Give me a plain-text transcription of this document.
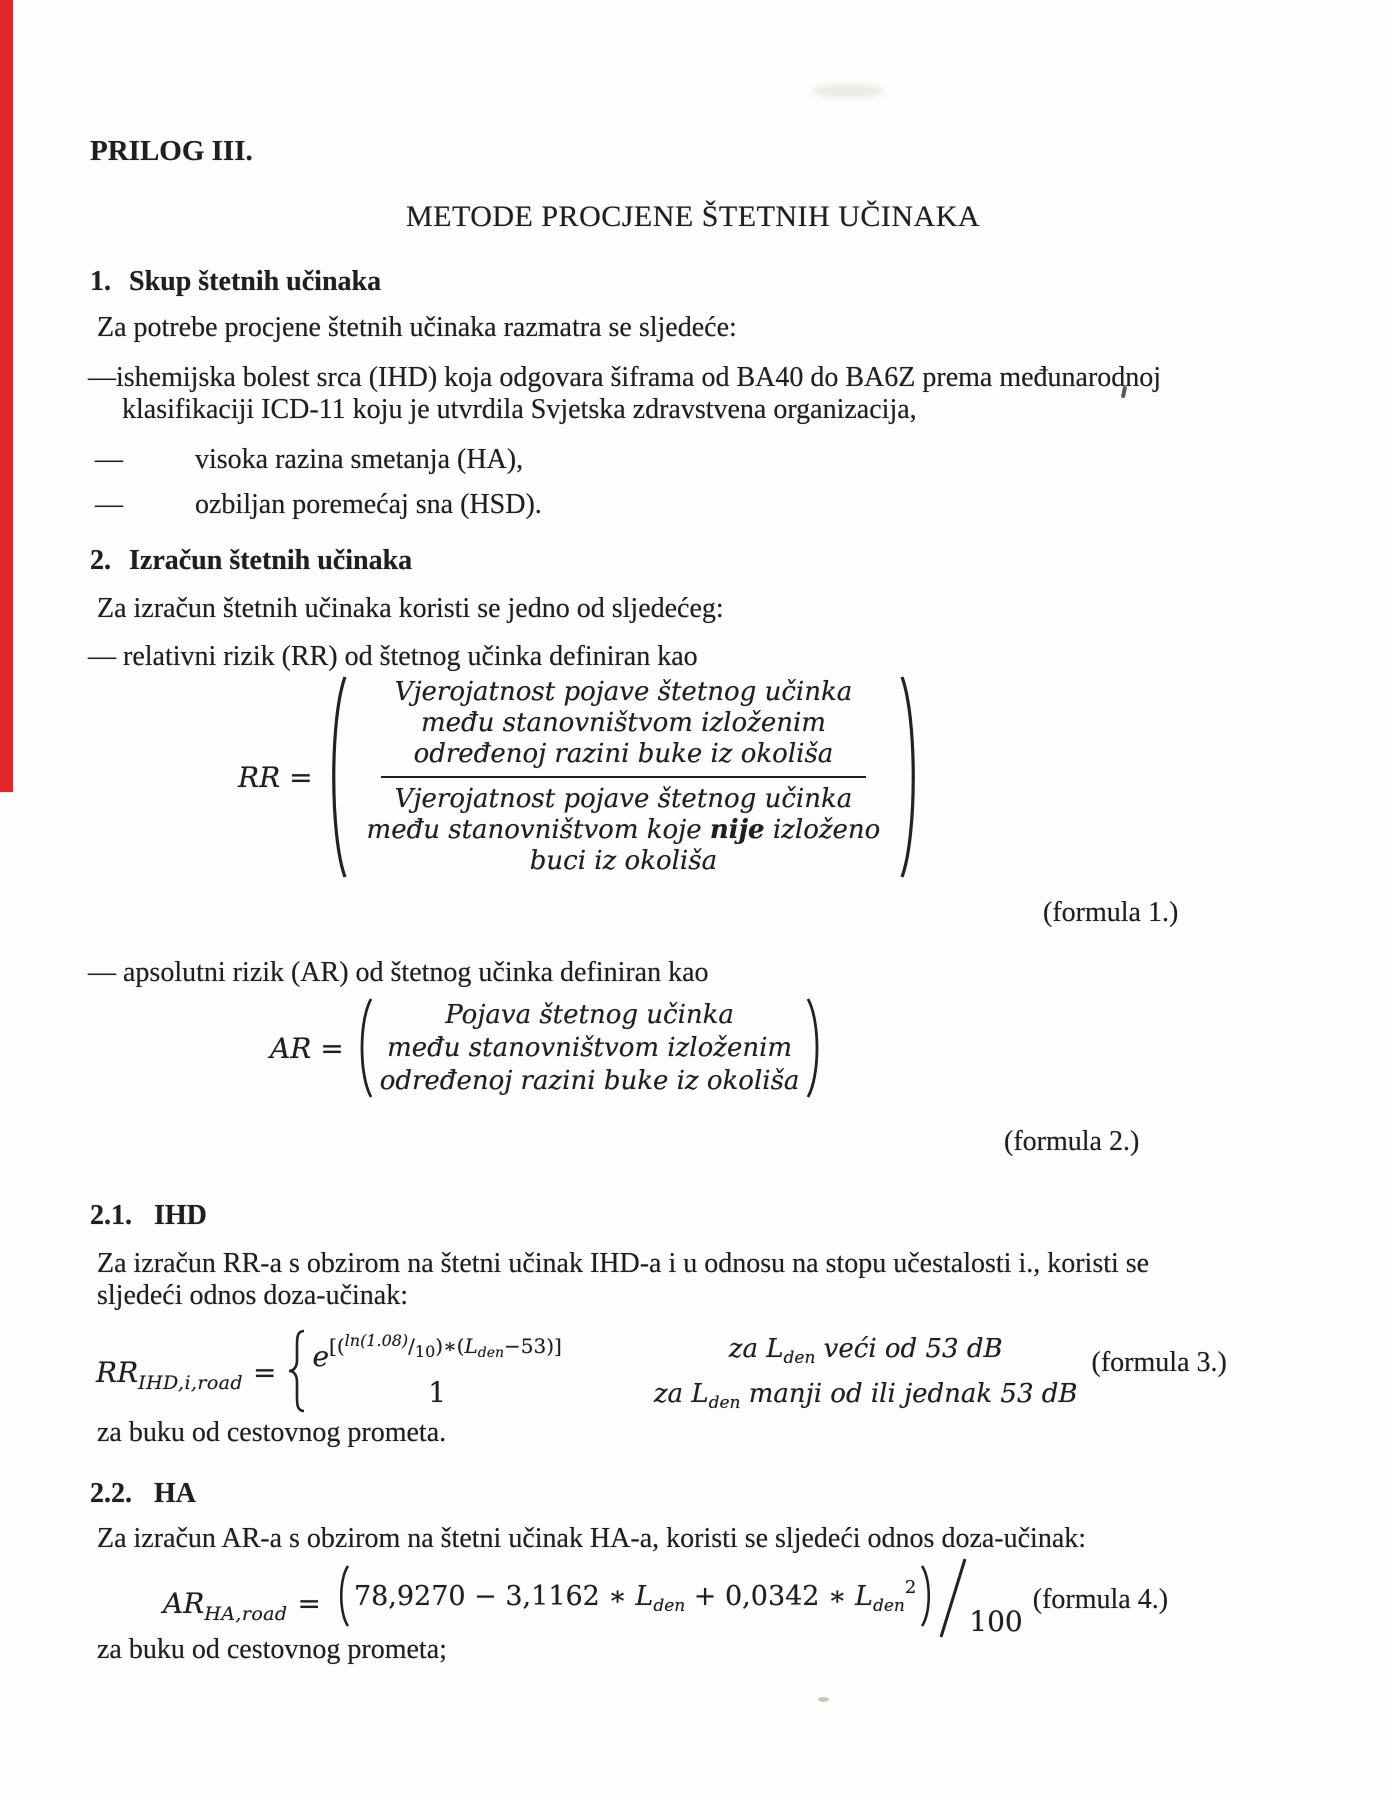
PRILOG III.
METODE PROCJENE ŠTETNIH UČINAKA
1. Skup štetnih učinaka
Za potrebe procjene štetnih učinaka razmatra se sljedeće:
—ishemijska bolest srca (IHD) koja odgovara šiframa od BA40 do BA6Z prema međunarodnoj
klasifikaciji ICD-11 koju je utvrdila Svjetska zdravstvena organizacija,
—	visoka razina smetanja (HA),
—	ozbiljan poremećaj sna (HSD).
2. Izračun štetnih učinaka
Za izračun štetnih učinaka koristi se jedno od sljedećeg:
— relativni rizik (RR) od štetnog učinka definiran kao
RR =
Vjerojatnost pojave štetnog učinka
među stanovništvom izloženim
određenoj razini buke iz okoliša
Vjerojatnost pojave štetnog učinka
među stanovništvom koje nije izloženo
buci iz okoliša
(formula 1.)
— apsolutni rizik (AR) od štetnog učinka definiran kao
AR =
Pojava štetnog učinka
među stanovništvom izloženim
određenoj razini buke iz okoliša
(formula 2.)
2.1. IHD
Za izračun RR-a s obzirom na štetni učinak IHD-a i u odnosu na stopu učestalosti i., koristi se
sljedeći odnos doza-učinak:
$RR_{IHD,i,road} = e[(\ln(1.08)/10)∗(Lden-53)]$
1
za $L_{den}$ veći od 53 dB
za $L_{den}$ manji od ili jednak 53 dB
(formula 3.)
za buku od cestovnog prometa.
2.2. HA
Za izračun AR-a s obzirom na štetni učinak HA-a, koristi se sljedeći odnos doza-učinak:
$AR_{HA,road} = 78,9270 - 3,1162$ ∗ $L_{den} + 0,0342$ ∗ $L_{den}^2$
100
(formula 4.)
za buku od cestovnog prometa;
